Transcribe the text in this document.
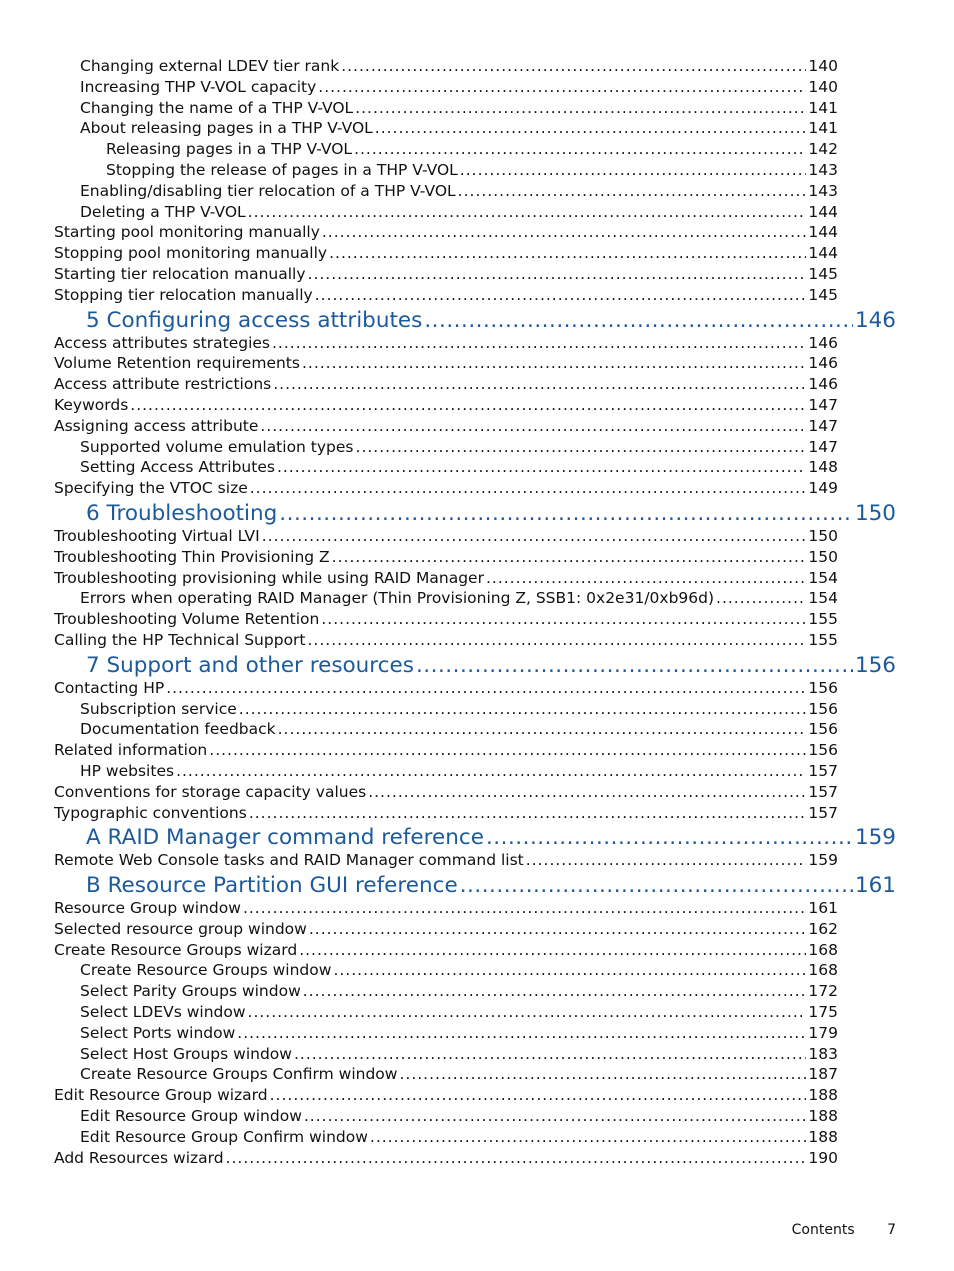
Changing external LDEV tier rank .....	140
Increasing THP V-VOL capacity .....	140
Changing the name of a THP V-VOL .....	141
About releasing pages in a THP V-VOL .....	141
Releasing pages in a THP V-VOL .....	142
Stopping the release of pages in a THP V-VOL .....	143
Enabling/disabling tier relocation of a THP V-VOL .....	143
Deleting a THP V-VOL .....	144
Starting pool monitoring manually .....	144
Stopping pool monitoring manually .....	144
Starting tier relocation manually .....	145
Stopping tier relocation manually .....	145
5 Configuring access attributes .....	146
Access attributes strategies .....	146
Volume Retention requirements .....	146
Access attribute restrictions .....	146
Keywords .....	147
Assigning access attribute .....	147
Supported volume emulation types .....	147
Setting Access Attributes .....	148
Specifying the VTOC size .....	149
6 Troubleshooting .....	150
Troubleshooting Virtual LVI .....	150
Troubleshooting Thin Provisioning Z .....	150
Troubleshooting provisioning while using RAID Manager .....	154
Errors when operating RAID Manager (Thin Provisioning Z, SSB1: 0x2e31/0xb96d) .....	154
Troubleshooting Volume Retention .....	155
Calling the HP Technical Support .....	155
7 Support and other resources .....	156
Contacting HP .....	156
Subscription service .....	156
Documentation feedback .....	156
Related information .....	156
HP websites .....	157
Conventions for storage capacity values .....	157
Typographic conventions .....	157
A RAID Manager command reference .....	159
Remote Web Console tasks and RAID Manager command list .....	159
B Resource Partition GUI reference .....	161
Resource Group window .....	161
Selected resource group window .....	162
Create Resource Groups wizard .....	168
Create Resource Groups window .....	168
Select Parity Groups window .....	172
Select LDEVs window .....	175
Select Ports window .....	179
Select Host Groups window .....	183
Create Resource Groups Confirm window .....	187
Edit Resource Group wizard .....	188
Edit Resource Group window .....	188
Edit Resource Group Confirm window .....	188
Add Resources wizard .....	190
Contents 7
